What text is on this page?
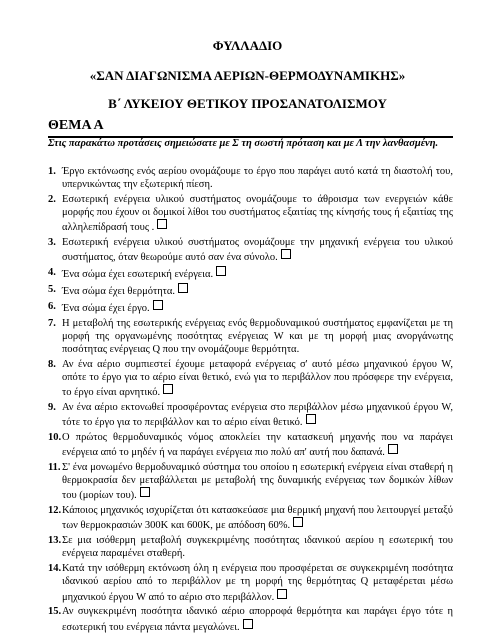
ΦΥΛΛΑΔΙΟ
«ΣΑΝ ΔΙΑΓΩΝΙΣΜΑ ΑΕΡΙΩΝ-ΘΕΡΜΟΔΥΝΑΜΙΚΗΣ»
Β΄ ΛΥΚΕΙΟΥ ΘΕΤΙΚΟΥ ΠΡΟΣΑΝΑΤΟΛΙΣΜΟΥ
ΘΕΜΑ Α
Στις παρακάτω προτάσεις σημειώσατε με Σ τη σωστή πρόταση και με Λ την λανθασμένη.
1. Έργο εκτόνωσης ενός αερίου ονομάζουμε το έργο που παράγει αυτό κατά τη διαστολή του, υπερνικώντας την εξωτερική πίεση.
2. Εσωτερική ενέργεια υλικού συστήματος ονομάζουμε το άθροισμα των ενεργειών κάθε μορφής που έχουν οι δομικοί λίθοι του συστήματος εξαιτίας της κίνησής τους ή εξαιτίας της αλληλεπίδρασή τους .
3. Εσωτερική ενέργεια υλικού συστήματος ονομάζουμε την μηχανική ενέργεια του υλικού συστήματος, όταν θεωρούμε αυτό σαν ένα σύνολο.
4. Ένα σώμα έχει εσωτερική ενέργεια.
5. Ένα σώμα έχει θερμότητα.
6. Ένα σώμα έχει έργο.
7. Η μεταβολή της εσωτερικής ενέργειας ενός θερμοδυναμικού συστήματος εμφανίζεται με τη μορφή της οργανωμένης ποσότητας ενέργειας W και με τη μορφή μιας ανοργάνωτης ποσότητας ενέργειας Q που την ονομάζουμε θερμότητα.
8. Αν ένα αέριο συμπιεστεί έχουμε μεταφορά ενέργειας σ' αυτό μέσω μηχανικού έργου W, οπότε το έργο για το αέριο είναι θετικό, ενώ για το περιβάλλον που πρόσφερε την ενέργεια, το έργο είναι αρνητικό.
9. Αν ένα αέριο εκτονωθεί προσφέροντας ενέργεια στο περιβάλλον μέσω μηχανικού έργου W, τότε το έργο για το περιβάλλον και το αέριο είναι θετικό.
10. Ο πρώτος θερμοδυναμικός νόμος αποκλείει την κατασκευή μηχανής που να παράγει ενέργεια από το μηδέν ή να παράγει ενέργεια πιο πολύ απ' αυτή που δαπανά.
11. Σ' ένα μονωμένο θερμοδυναμικό σύστημα του οποίου η εσωτερική ενέργεια είναι σταθερή η θερμοκρασία δεν μεταβάλλεται με μεταβολή της δυναμικής ενέργειας των δομικών λίθων του (μορίων του).
12. Κάποιος μηχανικός ισχυρίζεται ότι κατασκεύασε μια θερμική μηχανή που λειτουργεί μεταξύ των θερμοκρασιών 300K και 600K, με απόδοση 60%.
13. Σε μια ισόθερμη μεταβολή συγκεκριμένης ποσότητας ιδανικού αερίου η εσωτερική του ενέργεια παραμένει σταθερή.
14. Κατά την ισόθερμη εκτόνωση όλη η ενέργεια που προσφέρεται σε συγκεκριμένη ποσότητα ιδανικού αερίου από το περιβάλλον με τη μορφή της θερμότητας Q μεταφέρεται μέσω μηχανικού έργου W από το αέριο στο περιβάλλον.
15. Αν συγκεκριμένη ποσότητα ιδανικό αέριο απορροφά θερμότητα και παράγει έργο τότε η εσωτερική του ενέργεια πάντα μεγαλώνει.
